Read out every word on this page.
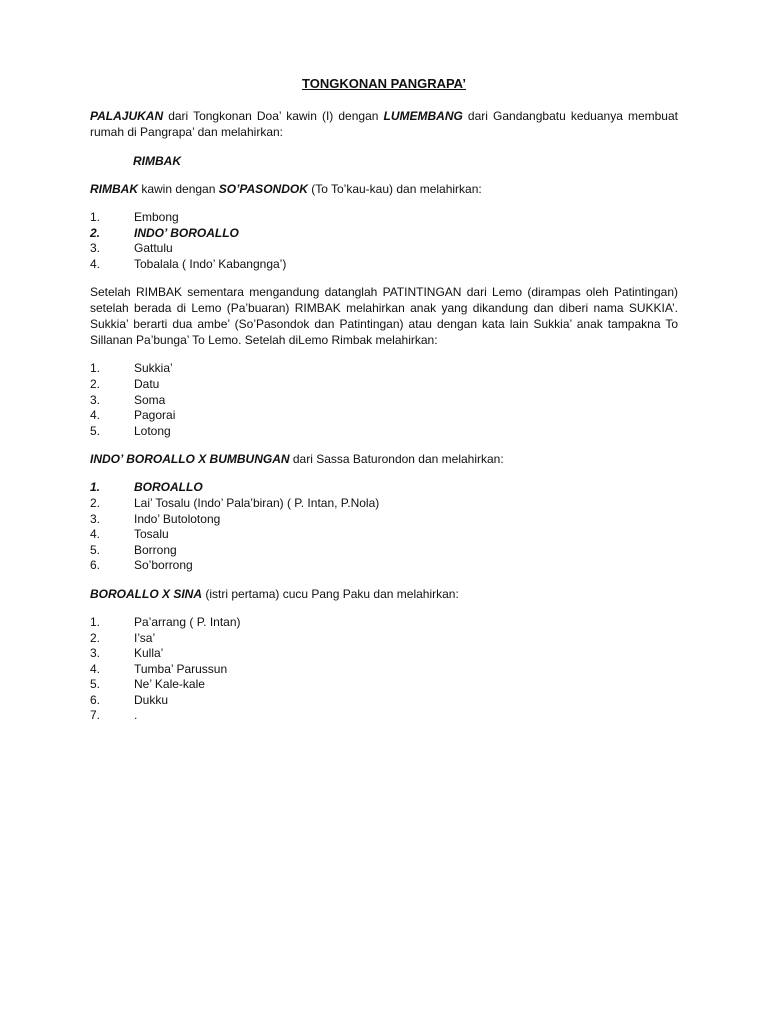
TONGKONAN PANGRAPA’

PALAJUKAN dari Tongkonan Doa’ kawin (I) dengan LUMEMBANG dari Gandangbatu keduanya membuat rumah di Pangrapa’ dan melahirkan:

RIMBAK

RIMBAK kawin dengan SO’PASONDOK (To To’kau-kau) dan melahirkan:

1.	Embong
2.	INDO’ BOROALLO
3.	Gattulu
4.	Tobalala ( Indo’ Kabangnga’)

Setelah RIMBAK sementara mengandung datanglah PATINTINGAN dari Lemo (dirampas oleh Patintingan) setelah berada di Lemo (Pa’buaran) RIMBAK melahirkan anak yang dikandung dan diberi nama SUKKIA’. Sukkia’ berarti dua ambe’ (So’Pasondok dan Patintingan) atau dengan kata lain Sukkia’ anak tampakna To Sillanan Pa’bunga’ To Lemo. Setelah diLemo Rimbak melahirkan:

1.	Sukkia’
2.	Datu
3.	Soma
4.	Pagorai
5.	Lotong

INDO’ BOROALLO X BUMBUNGAN dari Sassa Baturondon dan melahirkan:

1.	BOROALLO
2.	Lai’ Tosalu (Indo’ Pala’biran) ( P. Intan, P.Nola)
3.	Indo’ Butolotong
4.	Tosalu
5.	Borrong
6.	So’borrong

BOROALLO X SINA (istri pertama) cucu Pang Paku dan melahirkan:

1.	Pa’arrang ( P. Intan)
2.	I’sa’
3.	Kulla’
4.	Tumba’ Parussun
5.	Ne’ Kale-kale
6.	Dukku
7.	.
